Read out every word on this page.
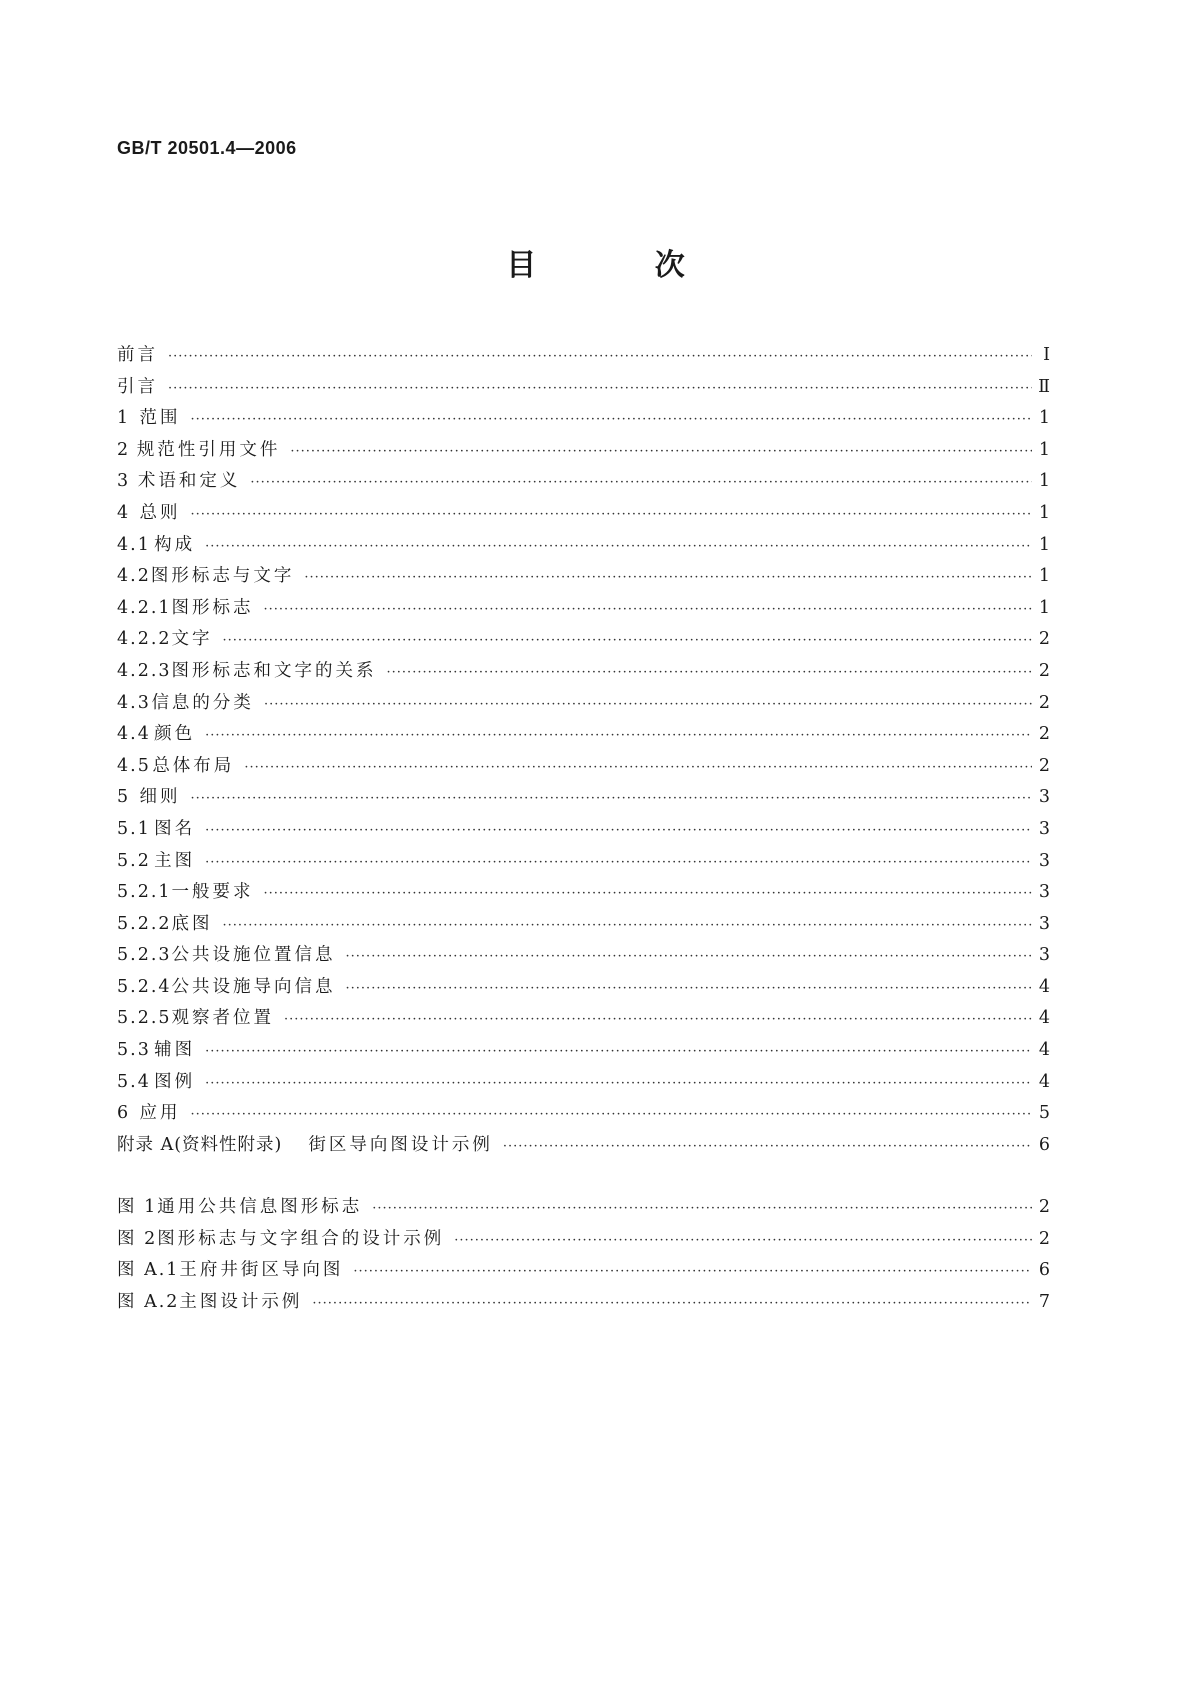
GB/T 20501.4—2006

目 次
前言 ·····	Ⅰ
引言 ·····	Ⅱ
1 范围 ·····	1
2 规范性引用文件 ·····	1
3 术语和定义 ·····	1
4 总则 ·····	1
4.1 构成 ·····	1
4.2 图形标志与文字 ·····	1
4.2.1 图形标志 ·····	1
4.2.2 文字 ·····	2
4.2.3 图形标志和文字的关系 ·····	2
4.3 信息的分类 ·····	2
4.4 颜色 ·····	2
4.5 总体布局 ·····	2
5 细则 ·····	3
5.1 图名 ·····	3
5.2 主图 ·····	3
5.2.1 一般要求 ·····	3
5.2.2 底图 ·····	3
5.2.3 公共设施位置信息 ·····	3
5.2.4 公共设施导向信息 ·····	4
5.2.5 观察者位置 ·····	4
5.3 辅图 ·····	4
5.4 图例 ·····	4
6 应用 ·····	5
附录 A(资料性附录) 街区导向图设计示例 ·····	6
图 1 通用公共信息图形标志 ·····	2
图 2 图形标志与文字组合的设计示例 ·····	2
图 A.1 王府井街区导向图 ·····	6
图 A.2 主图设计示例 ·····	7
